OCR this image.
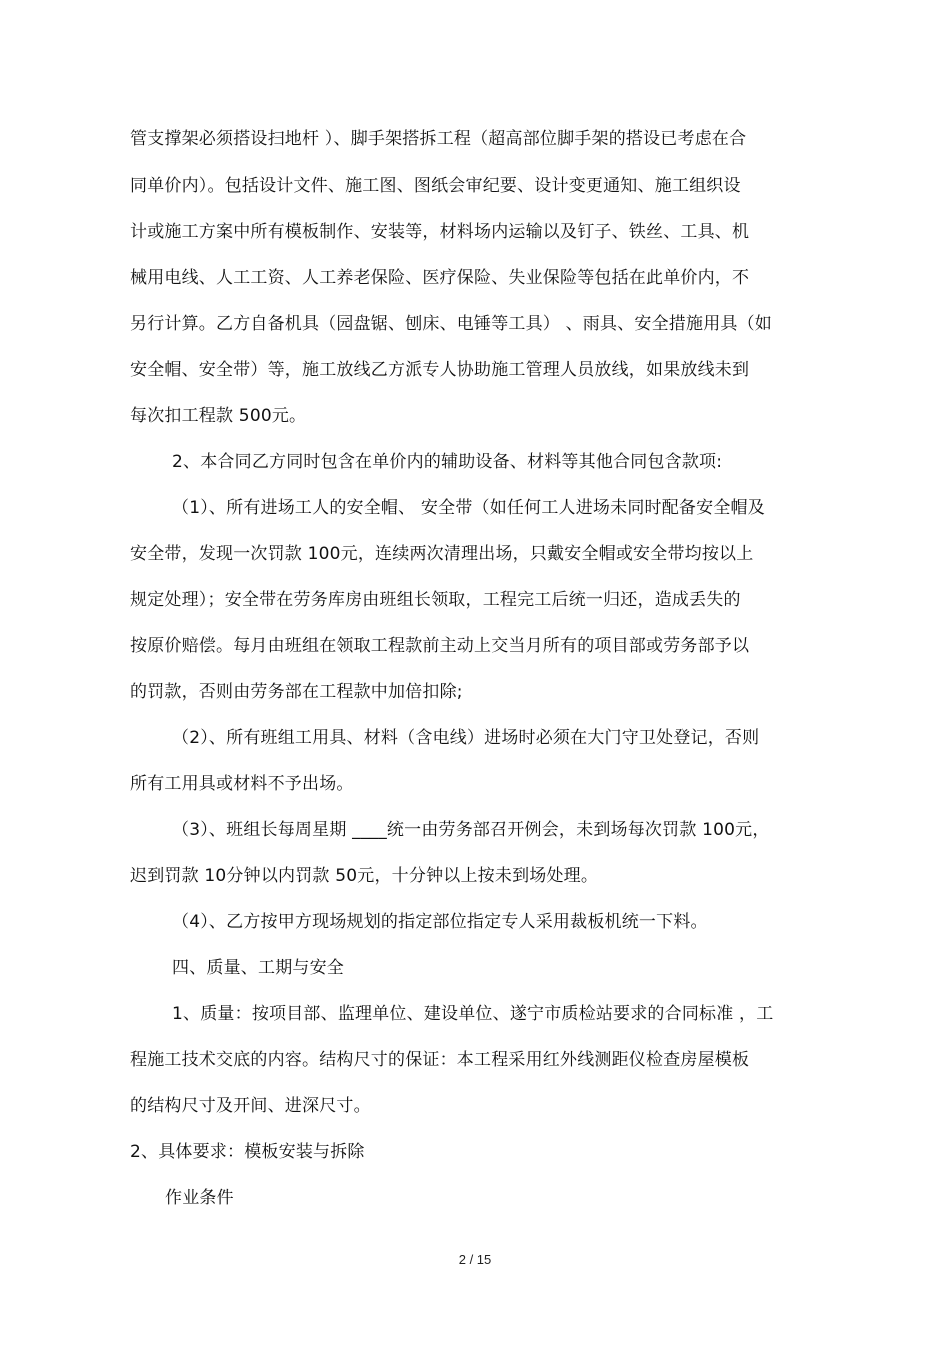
管支撑架必须搭设扫地杆 ）、脚手架搭拆工程（超高部位脚手架的搭设已考虑在合
同单价内）。包括设计文件、施工图、图纸会审纪要、设计变更通知、施工组织设
计或施工方案中所有模板制作、安装等，材料场内运输以及钉子、铁丝、工具、机
械用电线、人工工资、人工养老保险、医疗保险、失业保险等包括在此单价内，不
另行计算。乙方自备机具（园盘锯、刨床、电锤等工具） 、雨具、安全措施用具（如
安全帽、安全带）等，施工放线乙方派专人协助施工管理人员放线，如果放线未到
每次扣工程款 500元。
2、本合同乙方同时包含在单价内的辅助设备、材料等其他合同包含款项:
（1）、所有进场工人的安全帽、 安全带（如任何工人进场未同时配备安全帽及
安全带，发现一次罚款 100元，连续两次清理出场，只戴安全帽或安全带均按以上
规定处理）；安全带在劳务库房由班组长领取，工程完工后统一归还，造成丢失的
按原价赔偿。每月由班组在领取工程款前主动上交当月所有的项目部或劳务部予以
的罚款，否则由劳务部在工程款中加倍扣除;
（2）、所有班组工用具、材料（含电线）进场时必须在大门守卫处登记，否则
所有工用具或材料不予出场。
（3）、班组长每周星期 ____统一由劳务部召开例会，未到场每次罚款 100元，
迟到罚款 10分钟以内罚款 50元，十分钟以上按未到场处理。
（4）、乙方按甲方现场规划的指定部位指定专人采用裁板机统一下料。
四、质量、工期与安全
1、质量：按项目部、监理单位、建设单位、遂宁市质检站要求的合同标准 ，工
程施工技术交底的内容。结构尺寸的保证：本工程采用红外线测距仪检查房屋模板
的结构尺寸及开间、进深尺寸。
2、具体要求：模板安装与拆除
作业条件
2 / 15
